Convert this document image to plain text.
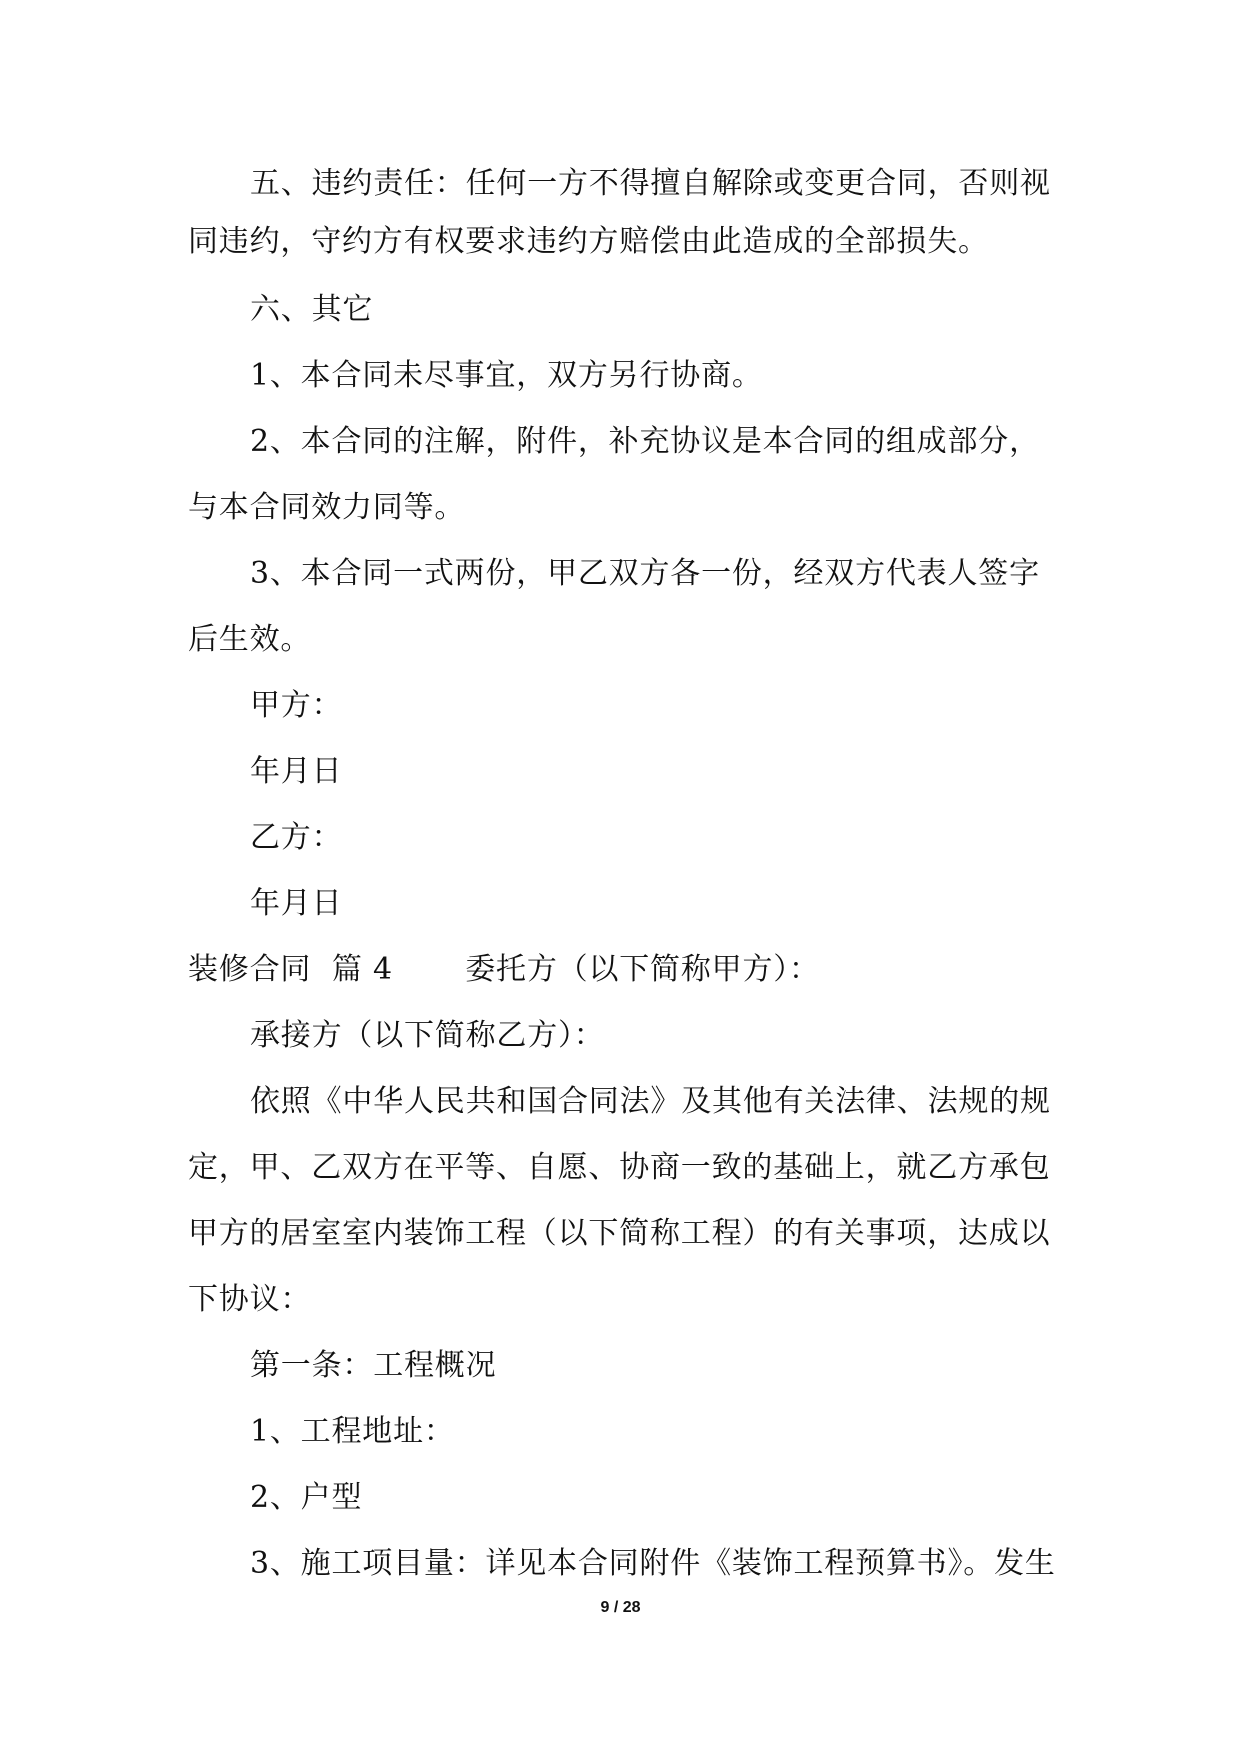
五、违约责任：任何一方不得擅自解除或变更合同，否则视
同违约，守约方有权要求违约方赔偿由此造成的全部损失。
六、其它
1、本合同未尽事宜，双方另行协商。
2、本合同的注解，附件，补充协议是本合同的组成部分，
与本合同效力同等。
3、本合同一式两份，甲乙双方各一份，经双方代表人签字
后生效。
甲方：
年月日
乙方：
年月日
装修合同  篇 4       委托方（以下简称甲方）：
承接方（以下简称乙方）：
依照《中华人民共和国合同法》及其他有关法律、法规的规
定，甲、乙双方在平等、自愿、协商一致的基础上，就乙方承包
甲方的居室室内装饰工程（以下简称工程）的有关事项，达成以
下协议：
第一条：工程概况
1、工程地址：
2、户型
3、施工项目量：详见本合同附件《装饰工程预算书》。发生
9 / 28
